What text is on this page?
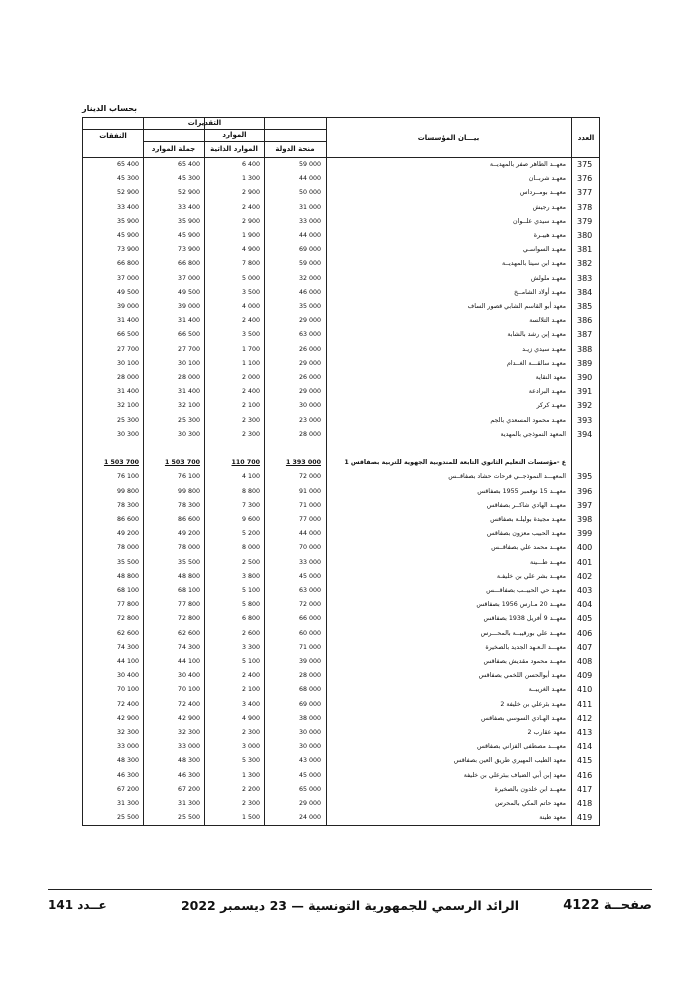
بحساب الدينار
التقديرات
الموارد
النفقات
جملة الموارد	الموارد الذاتية	منحة الدولة
بيـــان المؤسسات	العدد
65 400	65 400	6 400	59 000	معهــد الطاهر صفر بالمهديــة 375
45 300	45 300	1 300	44 000	معهـد شربــان 376
52 900	52 900	2 900	50 000	معهــد بومــرداس 377
33 400	33 400	2 400	31 000	معهـد رجيش 378
35 900	35 900	2 900	33 000	معهـد سيدي علــوان 379
45 900	45 900	1 900	44 000	معهـد هيبـرة 380
73 900	73 900	4 900	69 000	معهـد السواسـي 381
66 800	66 800	7 800	59 000	معهـد ابن سينا بالمهديــة 382
37 000	37 000	5 000	32 000	معهـد ملولش 383
49 500	49 500	3 500	46 000	معهـد أولاد الشامــخ 384
39 000	39 000	4 000	35 000	معهد أبو القاسم الشابي قصور الساف 385
31 400	31 400	2 400	29 000	معهـد التلالسة 386
66 500	66 500	3 500	63 000	معهـد إبن رشد بالشابة 387
27 700	27 700	1 700	26 000	معهـد سيدي زيـد 388
30 100	30 100	1 100	29 000	معهـد سالقـــة الغــدام 389
28 000	28 000	2 000	26 000	معهد النقاية 390
31 400	31 400	2 400	29 000	معهـد البرادعة 391
32 100	32 100	2 100	30 000	معهـد كركر 392
25 300	25 300	2 300	23 000	معهـد محمود المسعدي بالجم 393
30 300	30 300	2 300	28 000	المعهد النموذجي بالمهدية 394
1 503 700	1 503 700	110 700	1 393 000	ع -مؤسسات التعليم الثانوي التابعة للمندوبية الجهوية للتربية بصفاقس 1
76 100	76 100	4 100	72 000	المعهـــد النموذجــي فرحات حشاد بصفاقــس 395
99 800	99 800	8 800	91 000	معهــد 15 نوفمبر 1955 بصفاقس 396
78 300	78 300	7 300	71 000	معهــد الهادي شاكــر بصفاقس 397
86 600	86 600	9 600	77 000	معهـد مجيدة بوليلـة بصفاقس 398
49 200	49 200	5 200	44 000	معهـد الحبيب معزون بصفاقس 399
78 000	78 000	8 000	70 000	معهــد محمد علي بصفاقــس 400
35 500	35 500	2 500	33 000	معهــد طـــينة 401
48 800	48 800	3 800	45 000	معهــد بشر علي بن خليفـة 402
68 100	68 100	5 100	63 000	معهـد حي الحبيــب بصفاقـــس 403
77 800	77 800	5 800	72 000	معهــد 20 مـارس 1956 بصفاقس 404
72 800	72 800	6 800	66 000	معهــد 9 أفريل 1938 بصفاقس 405
62 600	62 600	2 600	60 000	معهــد علي بورقيبــة بالمحـــرس 406
74 300	74 300	3 300	71 000	معهـــد الـعـهد الجديد بالصخيرة 407
44 100	44 100	5 100	39 000	معهــد محمود مقديش بصفاقس 408
30 400	30 400	2 400	28 000	معهـد أبوالحسن اللخمي بصفاقس 409
70 100	70 100	2 100	68 000	معهـد الغريبــة 410
72 400	72 400	3 400	69 000	معهـد بئرعلي بن خليفة 2 411
42 900	42 900	4 900	38 000	معهـد الهـادي السوسي بصفاقس 412
32 300	32 300	2 300	30 000	معهد عقارب 2 413
33 000	33 000	3 000	30 000	معهـــد مصطفى الفزاني بصفاقس 414
48 300	48 300	5 300	43 000	معهد الطيب المهيري طريق العين بصفاقس 415
46 300	46 300	1 300	45 000	معهد إبن أبي الضياف ببئرعلي بن خليفة 416
67 200	67 200	2 200	65 000	معهــد ابن خلدون بالصخيرة 417
31 300	31 300	2 300	29 000	معهد حاتم المكي بالمحرس 418
25 500	25 500	1 500	24 000	معهد طينة 419
صفحــة 4122
الرائد الرسمي للجمهورية التونسية — 23 ديسمبر 2022
عــدد 141
